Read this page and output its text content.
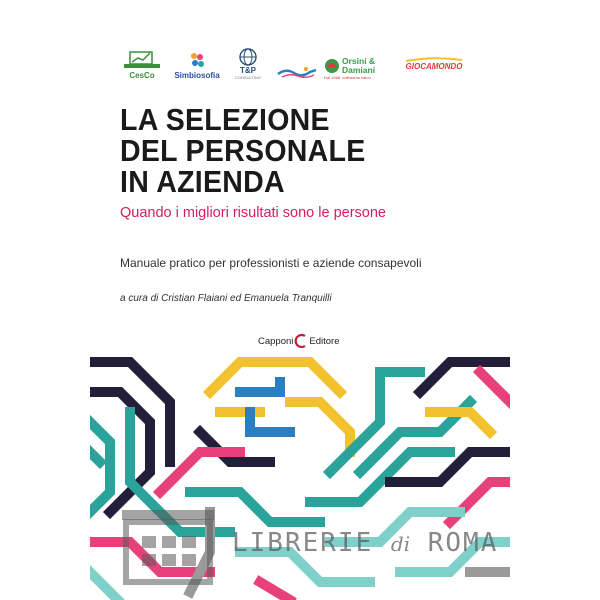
CesCo Simbiosofia
T&P
CONSULTING
Orsini & Damiani
Dal 1968, coltiviamo valori.
GIOCAMONDO
LA SELEZIONE
DEL PERSONALE
IN AZIENDA
Quando i migliori risultati sono le persone
Manuale pratico per professionisti e aziende consapevoli
a cura di Cristian Flaiani ed Emanuela Tranquilli
Capponi Editore
LIBRERIE di ROMA
